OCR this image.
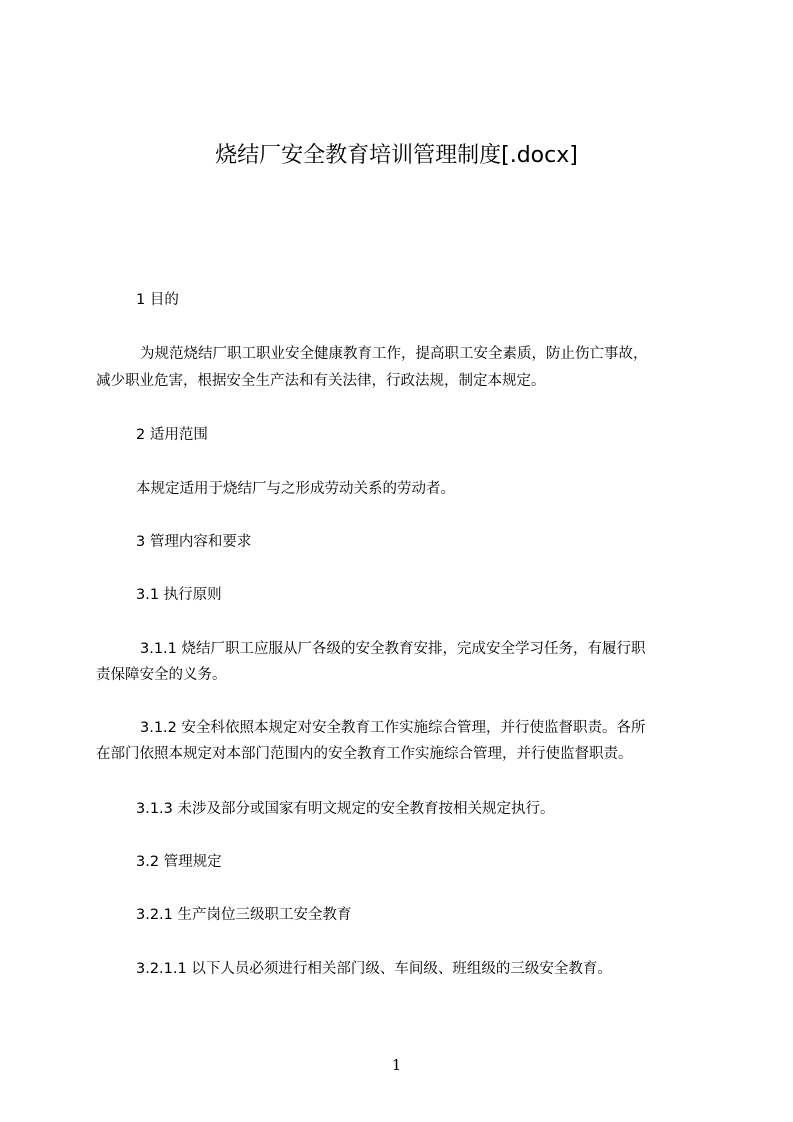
烧结厂安全教育培训管理制度[.docx]
1 目的
为规范烧结厂职工职业安全健康教育工作，提高职工安全素质，防止伤亡事故，
减少职业危害，根据安全生产法和有关法律，行政法规，制定本规定。
2 适用范围
本规定适用于烧结厂与之形成劳动关系的劳动者。
3 管理内容和要求
3.1 执行原则
3.1.1 烧结厂职工应服从厂各级的安全教育安排，完成安全学习任务，有履行职
责保障安全的义务。
3.1.2 安全科依照本规定对安全教育工作实施综合管理，并行使监督职责。各所
在部门依照本规定对本部门范围内的安全教育工作实施综合管理，并行使监督职责。
3.1.3 未涉及部分或国家有明文规定的安全教育按相关规定执行。
3.2 管理规定
3.2.1 生产岗位三级职工安全教育
3.2.1.1 以下人员必须进行相关部门级、车间级、班组级的三级安全教育。
1
